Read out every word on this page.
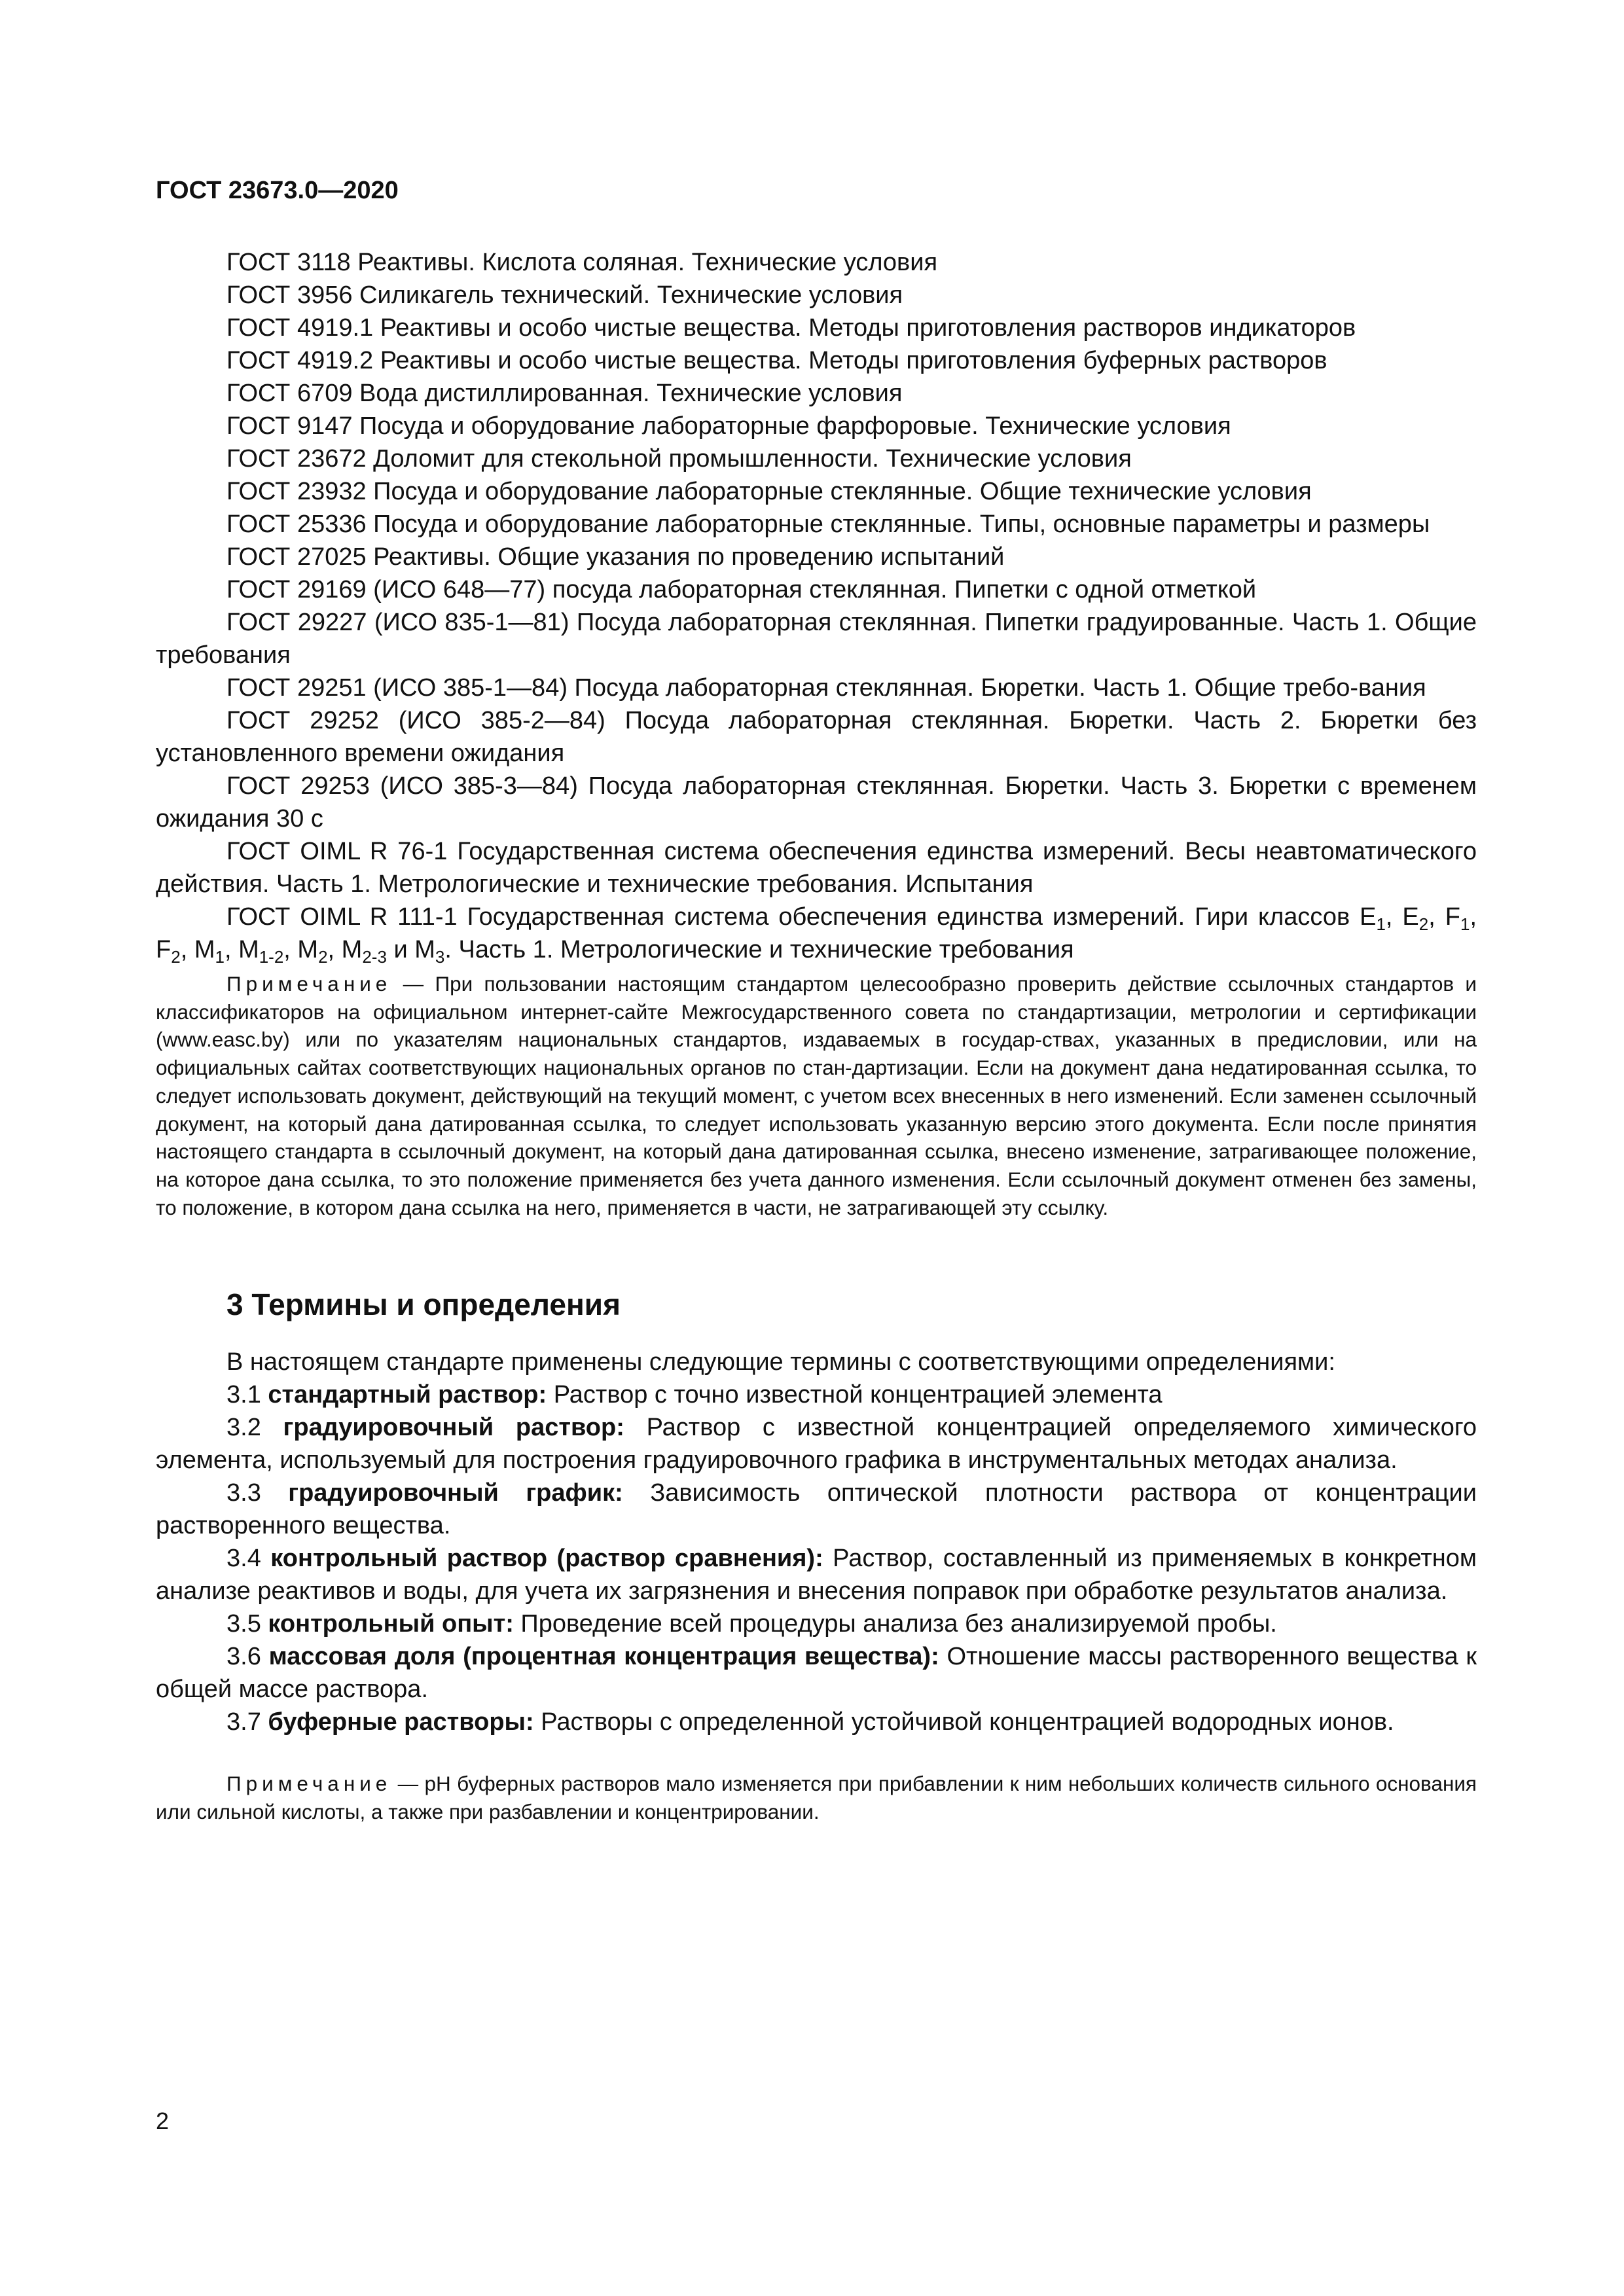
ГОСТ 23673.0—2020

ГОСТ 3118 Реактивы. Кислота соляная. Технические условия

ГОСТ 3956 Силикагель технический. Технические условия

ГОСТ 4919.1 Реактивы и особо чистые вещества. Методы приготовления растворов индикаторов

ГОСТ 4919.2 Реактивы и особо чистые вещества. Методы приготовления буферных растворов

ГОСТ 6709 Вода дистиллированная. Технические условия

ГОСТ 9147 Посуда и оборудование лабораторные фарфоровые. Технические условия

ГОСТ 23672 Доломит для стекольной промышленности. Технические условия

ГОСТ 23932 Посуда и оборудование лабораторные стеклянные. Общие технические условия

ГОСТ 25336 Посуда и оборудование лабораторные стеклянные. Типы, основные параметры и размеры

ГОСТ 27025 Реактивы. Общие указания по проведению испытаний

ГОСТ 29169 (ИСО 648—77) посуда лабораторная стеклянная. Пипетки с одной отметкой

ГОСТ 29227 (ИСО 835-1—81) Посуда лабораторная стеклянная. Пипетки градуированные. Часть 1. Общие требования

ГОСТ 29251 (ИСО 385-1—84) Посуда лабораторная стеклянная. Бюретки. Часть 1. Общие требо-вания

ГОСТ 29252 (ИСО 385-2—84) Посуда лабораторная стеклянная. Бюретки. Часть 2. Бюретки без установленного времени ожидания

ГОСТ 29253 (ИСО 385-3—84) Посуда лабораторная стеклянная. Бюретки. Часть 3. Бюретки с временем ожидания 30 с

ГОСТ OIML R 76-1 Государственная система обеспечения единства измерений. Весы неавтоматического действия. Часть 1. Метрологические и технические требования. Испытания

ГОСТ OIML R 111-1 Государственная система обеспечения единства измерений. Гири классов $E_1$, $E_2$, $F_1$, $F_2$, $M_1$, $M_{1-2}$, $M_2$, $M_{2-3}$ и $M_3$. Часть 1. Метрологические и технические требования

Примечание — При пользовании настоящим стандартом целесообразно проверить действие ссылочных стандартов и классификаторов на официальном интернет-сайте Межгосударственного совета по стандартизации, метрологии и сертификации (www.easc.by) или по указателям национальных стандартов, издаваемых в государ-ствах, указанных в предисловии, или на официальных сайтах соответствующих национальных органов по стан-дартизации. Если на документ дана недатированная ссылка, то следует использовать документ, действующий на текущий момент, с учетом всех внесенных в него изменений. Если заменен ссылочный документ, на который дана датированная ссылка, то следует использовать указанную версию этого документа. Если после принятия настоящего стандарта в ссылочный документ, на который дана датированная ссылка, внесено изменение, затрагивающее положение, на которое дана ссылка, то это положение применяется без учета данного изменения. Если ссылочный документ отменен без замены, то положение, в котором дана ссылка на него, применяется в части, не затрагивающей эту ссылку.

3 Термины и определения

В настоящем стандарте применены следующие термины с соответствующими определениями:

3.1 стандартный раствор: Раствор с точно известной концентрацией элемента

3.2 градуировочный раствор: Раствор с известной концентрацией определяемого химического элемента, используемый для построения градуировочного графика в инструментальных методах анализа.

3.3 градуировочный график: Зависимость оптической плотности раствора от концентрации растворенного вещества.

3.4 контрольный раствор (раствор сравнения): Раствор, составленный из применяемых в конкретном анализе реактивов и воды, для учета их загрязнения и внесения поправок при обработке результатов анализа.

3.5 контрольный опыт: Проведение всей процедуры анализа без анализируемой пробы.

3.6 массовая доля (процентная концентрация вещества): Отношение массы растворенного вещества к общей массе раствора.

3.7 буферные растворы: Растворы с определенной устойчивой концентрацией водородных ионов.

Примечание — рН буферных растворов мало изменяется при прибавлении к ним небольших количеств сильного основания или сильной кислоты, а также при разбавлении и концентрировании.

2
